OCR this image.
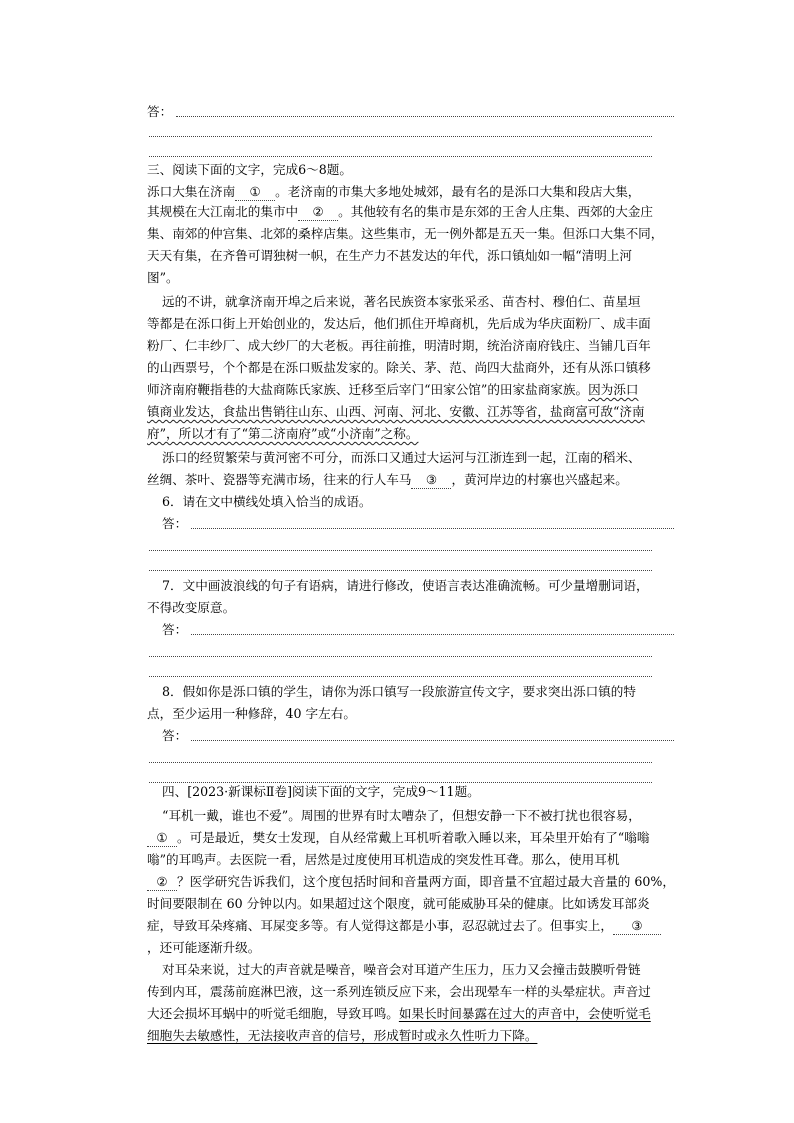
答：
三、阅读下面的文字，完成6～8题。
泺口大集在济南 ① 。老济南的市集大多地处城郊，最有名的是泺口大集和段店大集，
其规模在大江南北的集市中 ② 。其他较有名的集市是东郊的王舍人庄集、西郊的大金庄
集、南郊的仲宫集、北郊的桑梓店集。这些集市，无一例外都是五天一集。但泺口大集不同，
天天有集，在齐鲁可谓独树一帜，在生产力不甚发达的年代，泺口镇灿如一幅“清明上河
图”。
远的不讲，就拿济南开埠之后来说，著名民族资本家张采丞、苗杏村、穆伯仁、苗星垣
等都是在泺口街上开始创业的，发达后，他们抓住开埠商机，先后成为华庆面粉厂、成丰面
粉厂、仁丰纱厂、成大纱厂的大老板。再往前推，明清时期，统治济南府钱庄、当铺几百年
的山西票号，个个都是在泺口贩盐发家的。除关、茅、范、尚四大盐商外，还有从泺口镇移
师济南府鞭指巷的大盐商陈氏家族、迁移至后宰门“田家公馆”的田家盐商家族。因为泺口
镇商业发达，食盐出售销往山东、山西、河南、河北、安徽、江苏等省，盐商富可敌“济南
府”，所以才有了“第二济南府”或“小济南”之称。
泺口的经贸繁荣与黄河密不可分，而泺口又通过大运河与江浙连到一起，江南的稻米、
丝绸、茶叶、瓷器等充满市场，往来的行人车马 ③ ，黄河岸边的村寨也兴盛起来。
6．请在文中横线处填入恰当的成语。
答：
7．文中画波浪线的句子有语病，请进行修改，使语言表达准确流畅。可少量增删词语，
不得改变原意。
答：
8．假如你是泺口镇的学生，请你为泺口镇写一段旅游宣传文字，要求突出泺口镇的特
点，至少运用一种修辞，40 字左右。
答：
四、[2023·新课标Ⅱ卷]阅读下面的文字，完成9～11题。
“耳机一戴，谁也不爱”。周围的世界有时太嘈杂了，但想安静一下不被打扰也很容易，
① 。可是最近，樊女士发现，自从经常戴上耳机听着歌入睡以来，耳朵里开始有了“嗡嗡
嗡”的耳鸣声。去医院一看，居然是过度使用耳机造成的突发性耳聋。那么，使用耳机
② ？医学研究告诉我们，这个度包括时间和音量两方面，即音量不宜超过最大音量的 60%，
时间要限制在 60 分钟以内。如果超过这个限度，就可能威胁耳朵的健康。比如诱发耳部炎
症，导致耳朵疼痛、耳屎变多等。有人觉得这都是小事，忍忍就过去了。但事实上， ③
，还可能逐渐升级。
对耳朵来说，过大的声音就是噪音，噪音会对耳道产生压力，压力又会撞击鼓膜听骨链
传到内耳，震荡前庭淋巴液，这一系列连锁反应下来，会出现晕车一样的头晕症状。声音过
大还会损坏耳蜗中的听觉毛细胞，导致耳鸣。如果长时间暴露在过大的声音中，会使听觉毛
细胞失去敏感性，无法接收声音的信号，形成暂时或永久性听力下降。
